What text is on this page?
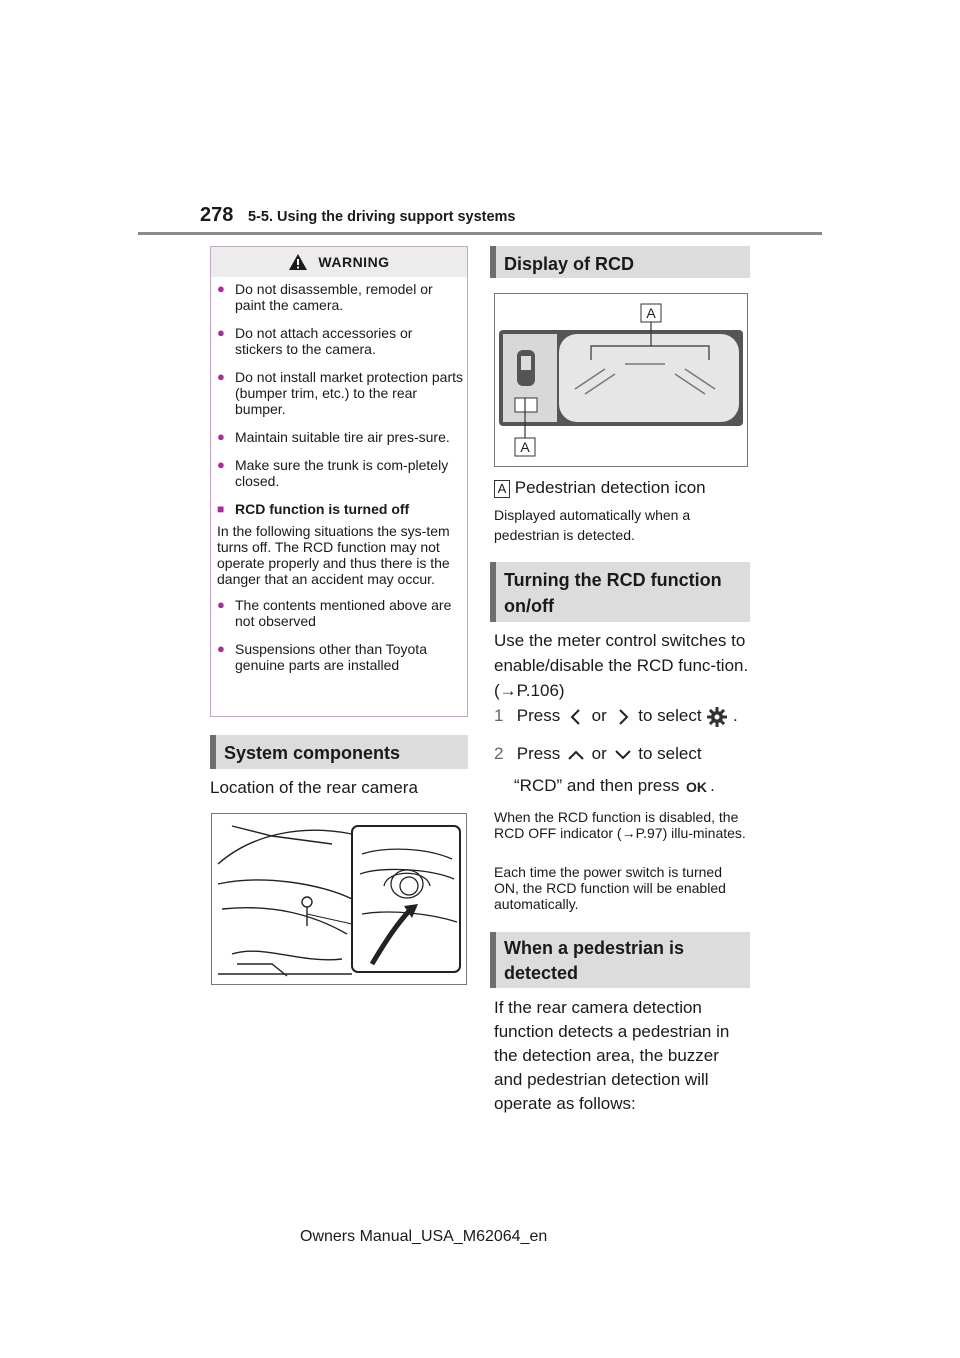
278 5-5. Using the driving support systems
WARNING
● Do not disassemble, remodel or paint the camera.
● Do not attach accessories or stickers to the camera.
● Do not install market protection parts (bumper trim, etc.) to the rear bumper.
● Maintain suitable tire air pres-sure.
● Make sure the trunk is com-pletely closed.
■ RCD function is turned off

In the following situations the sys-tem turns off. The RCD function may not operate properly and thus there is the danger that an accident may occur.

● The contents mentioned above are not observed
● Suspensions other than Toyota genuine parts are installed
System components
Location of the rear camera
Display of RCD
A
A
A Pedestrian detection icon
Displayed automatically when a pedestrian is detected.
Turning the RCD function on/off
Use the meter control switches to enable/disable the RCD func-tion. (→P.106)
1 Press or to select .
2 Press or to select
“RCD” and then press OK .
When the RCD function is disabled, the RCD OFF indicator (→P.97) illu-minates.
Each time the power switch is turned ON, the RCD function will be enabled automatically.
When a pedestrian is detected
If the rear camera detection function detects a pedestrian in the detection area, the buzzer and pedestrian detection will operate as follows:
Owners Manual_USA_M62064_en
